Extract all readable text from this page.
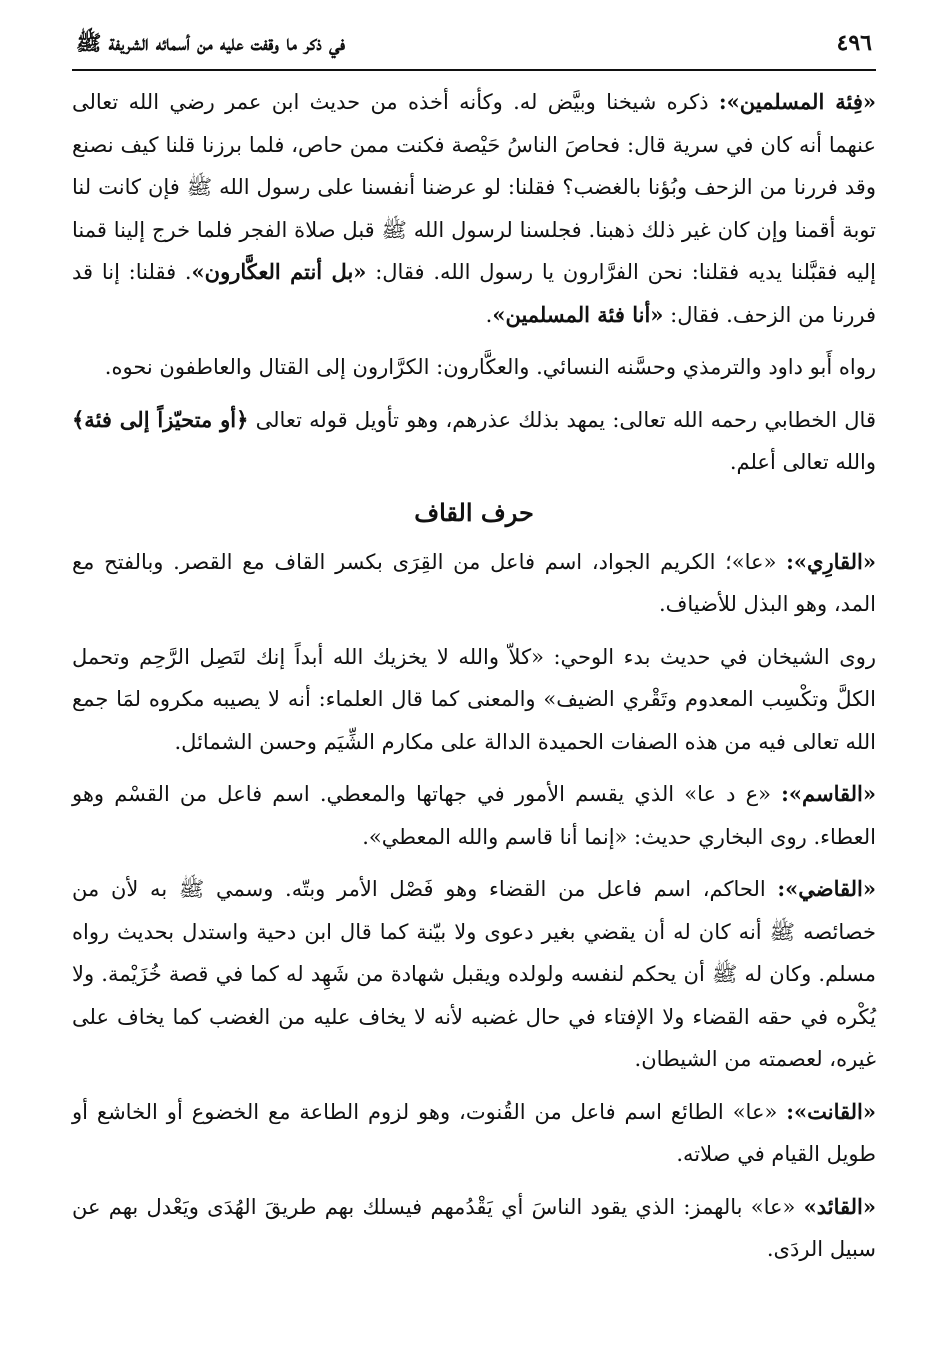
٤٩٦
في ذكر ما وقفت عليه من أسمائه الشريفة ﷺ

«فِئة المسلمين»: ذكره شيخنا وبيَّض له. وكأنه أخذه من حديث ابن عمر رضي الله تعالى عنهما أنه كان في سرية قال: فحاصَ الناسُ حَيْصة فكنت ممن حاص، فلما برزنا قلنا كيف نصنع وقد فررنا من الزحف وبُؤنا بالغضب؟ فقلنا: لو عرضنا أنفسنا على رسول الله ﷺ فإن كانت لنا توبة أقمنا وإن كان غير ذلك ذهبنا. فجلسنا لرسول الله ﷺ قبل صلاة الفجر فلما خرج إلينا قمنا إليه فقبَّلنا يديه فقلنا: نحن الفرَّارون يا رسول الله. فقال: «بل أنتم العكَّارون». فقلنا: إنا قد فررنا من الزحف. فقال: «أنا فئة المسلمين».

رواه أَبو داود والترمذي وحسَّنه النسائي. والعكَّارون: الكرَّارون إلى القتال والعاطفون نحوه.

قال الخطابي رحمه الله تعالى: يمهد بذلك عذرهم، وهو تأويل قوله تعالى ﴿أو متحيّزاً إلى فئة﴾ والله تعالى أعلم.

حرف القاف

«القارِي»: «عا»؛ الكريم الجواد، اسم فاعل من القِرَى بكسر القاف مع القصر. وبالفتح مع المد، وهو البذل للأضياف.

روى الشيخان في حديث بدء الوحي: «كلاّ والله لا يخزيك الله أبداً إنك لتَصِل الرَّحِم وتحمل الكلَّ وتكْسِب المعدوم وتَقْري الضيف» والمعنى كما قال العلماء: أنه لا يصيبه مكروه لمَا جمع الله تعالى فيه من هذه الصفات الحميدة الدالة على مكارم الشِّيَم وحسن الشمائل.

«القاسم»: «ع د عا» الذي يقسم الأمور في جهاتها والمعطي. اسم فاعل من القسْم وهو العطاء. روى البخاري حديث: «إنما أنا قاسم والله المعطي».

«القاضي»: الحاكم، اسم فاعل من القضاء وهو فَصْل الأمر وبتّه. وسمي ﷺ به لأن من خصائصه ﷺ أنه كان له أن يقضي بغير دعوى ولا بيّنة كما قال ابن دحية واستدل بحديث رواه مسلم. وكان له ﷺ أن يحكم لنفسه ولولده ويقبل شهادة من شَهِد له كما في قصة خُزَيْمة. ولا يُكْره في حقه القضاء ولا الإفتاء في حال غضبه لأنه لا يخاف عليه من الغضب كما يخاف على غيره، لعصمته من الشيطان.

«القانت»: «عا» الطائع اسم فاعل من القُنوت، وهو لزوم الطاعة مع الخضوع أو الخاشع أو طويل القيام في صلاته.

«القائد» «عا» بالهمز: الذي يقود الناسَ أي يَقْدُمهم فيسلك بهم طريقَ الهُدَى ويَعْدل بهم عن سبيل الردَى.
